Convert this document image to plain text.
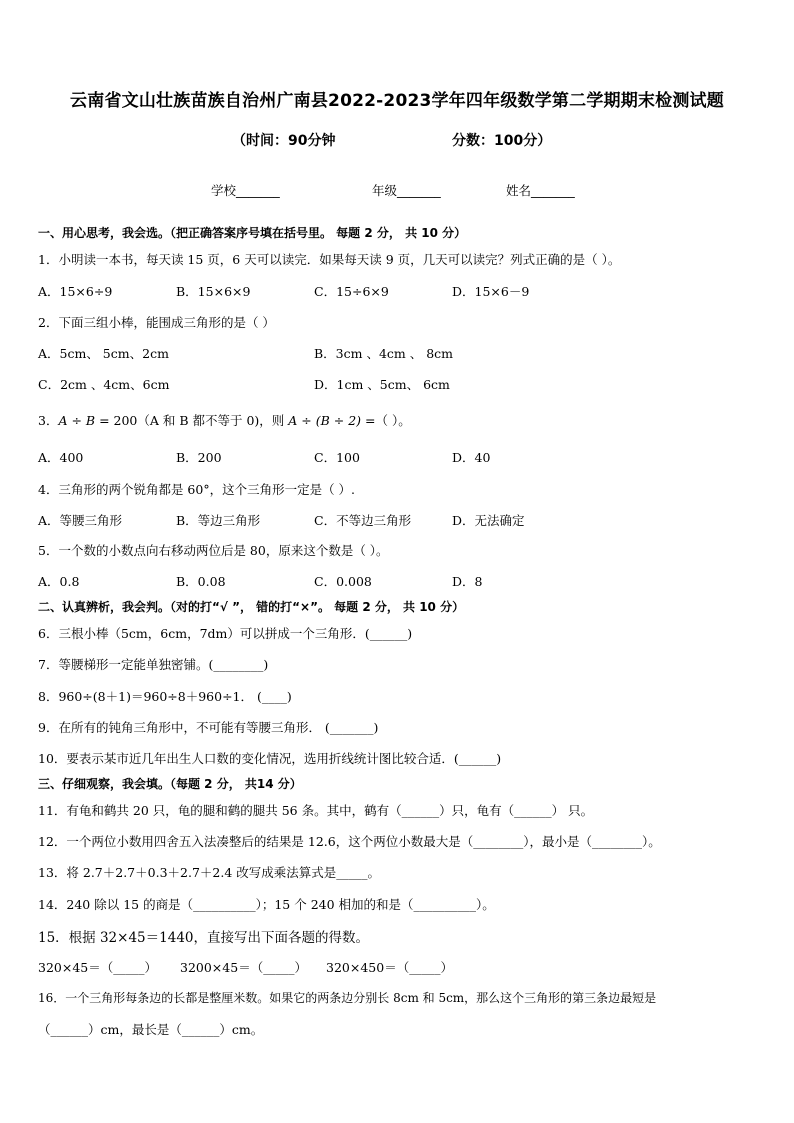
云南省文山壮族苗族自治州广南县2022-2023学年四年级数学第二学期期末检测试题
（时间：90分钟	分数：100分）
学校_______	年级_______	姓名_______
一、用心思考，我会选。（把正确答案序号填在括号里。 每题 2 分， 共 10 分）
1．小明读一本书，每天读 15 页，6 天可以读完．如果每天读 9 页，几天可以读完？列式正确的是（ ）。
A．15×6÷9	B．15×6×9	C．15÷6×9	D．15×6－9
2．下面三组小棒，能围成三角形的是（ ）
A．5cm、 5cm、2cm	B．3cm 、4cm 、 8cm
C．2cm 、4cm、6cm	D．1cm 、5cm、 6cm
3．A ÷ B = 200（A 和 B 都不等于 0)，则 A ÷ (B ÷ 2) =（ ）。
A．400	B．200	C．100	D．40
4．三角形的两个锐角都是 60°，这个三角形一定是（ ）.
A．等腰三角形	B．等边三角形	C．不等边三角形	D．无法确定
5．一个数的小数点向右移动两位后是 80，原来这个数是（ ）。
A．0.8	B．0.08	C．0.008	D．8
二、认真辨析，我会判。（对的打“√ ”， 错的打“×”。 每题 2 分， 共 10 分）
6．三根小棒（5cm，6cm，7dm）可以拼成一个三角形．(______)
7．等腰梯形一定能单独密铺。(________)
8．960÷(8＋1)＝960÷8＋960÷1． (____)
9．在所有的钝角三角形中，不可能有等腰三角形． (_______)
10．要表示某市近几年出生人口数的变化情况，选用折线统计图比较合适．(______)
三、仔细观察，我会填。（每题 2 分， 共14 分）
11．有龟和鹤共 20 只，龟的腿和鹤的腿共 56 条。其中，鹤有（______）只，龟有（______） 只。
12．一个两位小数用四舍五入法凑整后的结果是 12.6，这个两位小数最大是（________），最小是（________）。
13．将 2.7＋2.7＋0.3＋2.7＋2.4 改写成乘法算式是_____。
14．240 除以 15 的商是（__________）；15 个 240 相加的和是（__________）。
15．根据 32×45＝1440，直接写出下面各题的得数。
320×45＝（_____） 3200×45＝（_____） 320×450＝（_____）
16．一个三角形每条边的长都是整厘米数。如果它的两条边分别长 8cm 和 5cm，那么这个三角形的第三条边最短是
（______）cm，最长是（______）cm。
